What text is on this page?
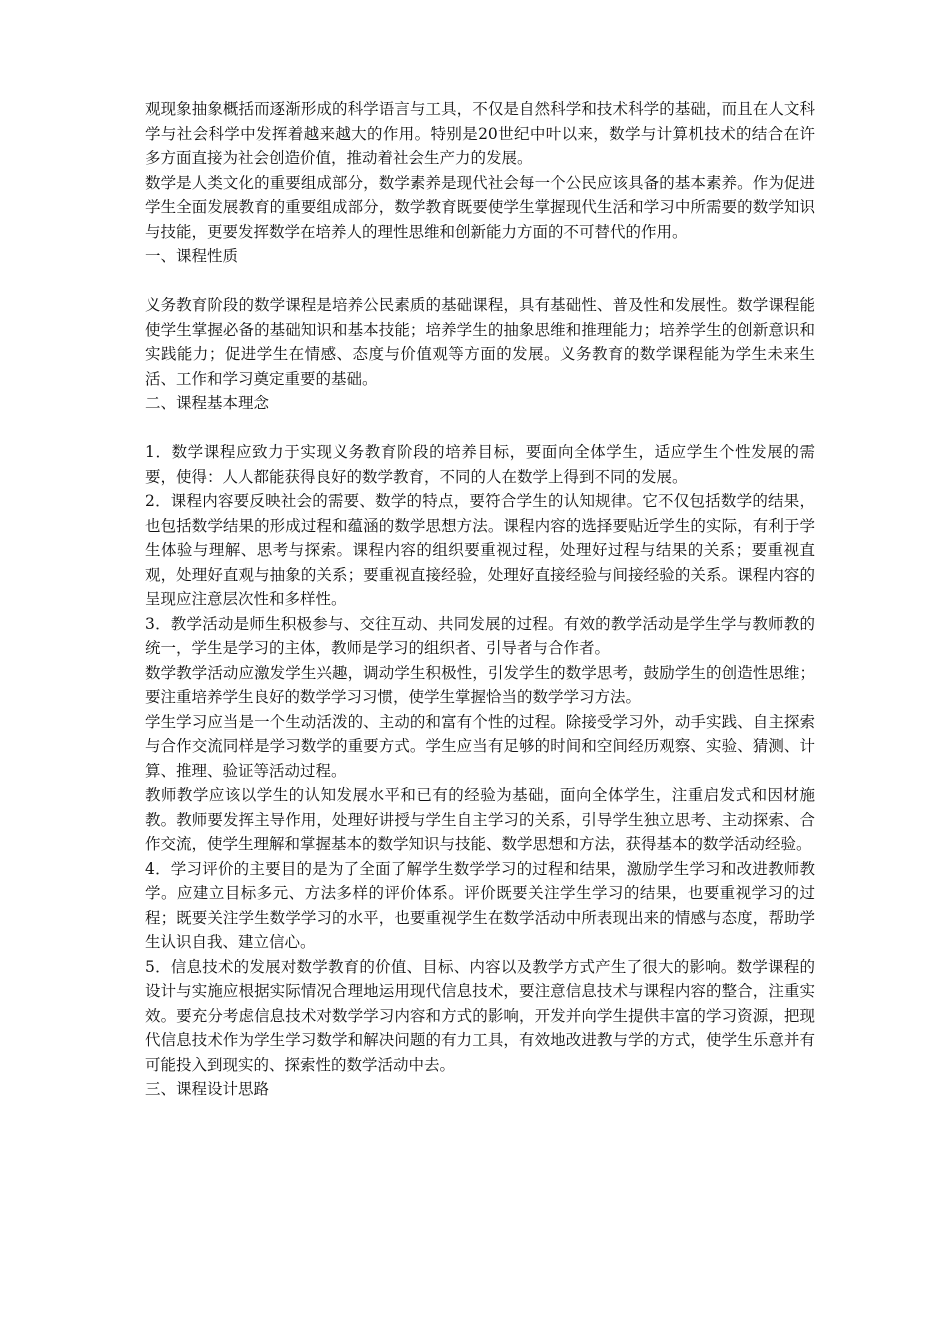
观现象抽象概括而逐渐形成的科学语言与工具，不仅是自然科学和技术科学的基础，而且在人文科学与社会科学中发挥着越来越大的作用。特别是20世纪中叶以来，数学与计算机技术的结合在许多方面直接为社会创造价值，推动着社会生产力的发展。

数学是人类文化的重要组成部分，数学素养是现代社会每一个公民应该具备的基本素养。作为促进学生全面发展教育的重要组成部分，数学教育既要使学生掌握现代生活和学习中所需要的数学知识与技能，更要发挥数学在培养人的理性思维和创新能力方面的不可替代的作用。

一、课程性质

义务教育阶段的数学课程是培养公民素质的基础课程，具有基础性、普及性和发展性。数学课程能使学生掌握必备的基础知识和基本技能；培养学生的抽象思维和推理能力；培养学生的创新意识和实践能力；促进学生在情感、态度与价值观等方面的发展。义务教育的数学课程能为学生未来生活、工作和学习奠定重要的基础。

二、课程基本理念

1．数学课程应致力于实现义务教育阶段的培养目标，要面向全体学生，适应学生个性发展的需要，使得：人人都能获得良好的数学教育，不同的人在数学上得到不同的发展。

2．课程内容要反映社会的需要、数学的特点，要符合学生的认知规律。它不仅包括数学的结果，也包括数学结果的形成过程和蕴涵的数学思想方法。课程内容的选择要贴近学生的实际，有利于学生体验与理解、思考与探索。课程内容的组织要重视过程，处理好过程与结果的关系；要重视直观，处理好直观与抽象的关系；要重视直接经验，处理好直接经验与间接经验的关系。课程内容的呈现应注意层次性和多样性。

3．教学活动是师生积极参与、交往互动、共同发展的过程。有效的教学活动是学生学与教师教的统一，学生是学习的主体，教师是学习的组织者、引导者与合作者。

数学教学活动应激发学生兴趣，调动学生积极性，引发学生的数学思考，鼓励学生的创造性思维；要注重培养学生良好的数学学习习惯，使学生掌握恰当的数学学习方法。

学生学习应当是一个生动活泼的、主动的和富有个性的过程。除接受学习外，动手实践、自主探索与合作交流同样是学习数学的重要方式。学生应当有足够的时间和空间经历观察、实验、猜测、计算、推理、验证等活动过程。

教师教学应该以学生的认知发展水平和已有的经验为基础，面向全体学生，注重启发式和因材施教。教师要发挥主导作用，处理好讲授与学生自主学习的关系，引导学生独立思考、主动探索、合作交流，使学生理解和掌握基本的数学知识与技能、数学思想和方法，获得基本的数学活动经验。

4．学习评价的主要目的是为了全面了解学生数学学习的过程和结果，激励学生学习和改进教师教学。应建立目标多元、方法多样的评价体系。评价既要关注学生学习的结果，也要重视学习的过程；既要关注学生数学学习的水平，也要重视学生在数学活动中所表现出来的情感与态度，帮助学生认识自我、建立信心。

5．信息技术的发展对数学教育的价值、目标、内容以及教学方式产生了很大的影响。数学课程的设计与实施应根据实际情况合理地运用现代信息技术，要注意信息技术与课程内容的整合，注重实效。要充分考虑信息技术对数学学习内容和方式的影响，开发并向学生提供丰富的学习资源，把现代信息技术作为学生学习数学和解决问题的有力工具，有效地改进教与学的方式，使学生乐意并有可能投入到现实的、探索性的数学活动中去。

三、课程设计思路
